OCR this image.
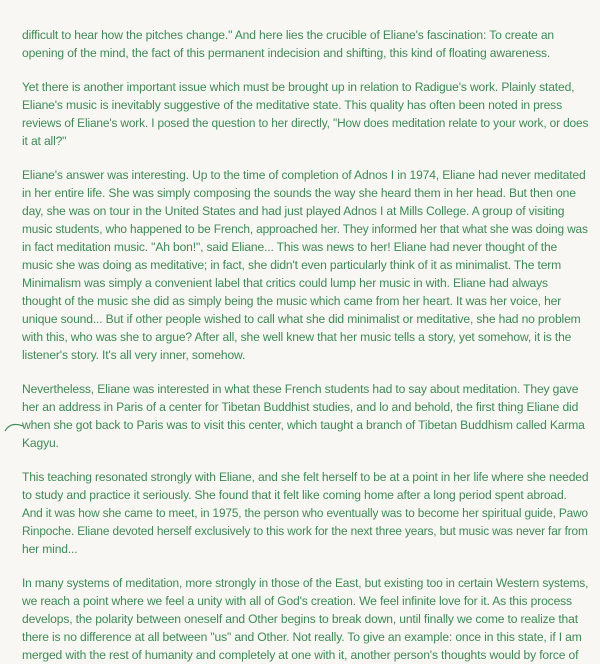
difficult to hear how the pitches change." And here lies the crucible of Eliane's fascination: To create an
opening of the mind, the fact of this permanent indecision and shifting, this kind of floating awareness.
Yet there is another important issue which must be brought up in relation to Radigue's work. Plainly stated,
Eliane's music is inevitably suggestive of the meditative state. This quality has often been noted in press
reviews of Eliane's work. I posed the question to her directly, "How does meditation relate to your work, or does
it at all?"
Eliane's answer was interesting. Up to the time of completion of Adnos I in 1974, Eliane had never meditated
in her entire life. She was simply composing the sounds the way she heard them in her head. But then one
day, she was on tour in the United States and had just played Adnos I at Mills College. A group of visiting
music students, who happened to be French, approached her. They informed her that what she was doing was
in fact meditation music. "Ah bon!", said Eliane... This was news to her! Eliane had never thought of the
music she was doing as meditative; in fact, she didn't even particularly think of it as minimalist. The term
Minimalism was simply a convenient label that critics could lump her music in with. Eliane had always
thought of the music she did as simply being the music which came from her heart. It was her voice, her
unique sound... But if other people wished to call what she did minimalist or meditative, she had no problem
with this, who was she to argue? After all, she well knew that her music tells a story, yet somehow, it is the
listener's story. It's all very inner, somehow.
Nevertheless, Eliane was interested in what these French students had to say about meditation. They gave
her an address in Paris of a center for Tibetan Buddhist studies, and lo and behold, the first thing Eliane did
when she got back to Paris was to visit this center, which taught a branch of Tibetan Buddhism called Karma
Kagyu.
This teaching resonated strongly with Eliane, and she felt herself to be at a point in her life where she needed
to study and practice it seriously. She found that it felt like coming home after a long period spent abroad.
And it was how she came to meet, in 1975, the person who eventually was to become her spiritual guide, Pawo
Rinpoche. Eliane devoted herself exclusively to this work for the next three years, but music was never far from
her mind...
In many systems of meditation, more strongly in those of the East, but existing too in certain Western systems,
we reach a point where we feel a unity with all of God's creation. We feel infinite love for it. As this process
develops, the polarity between oneself and Other begins to break down, until finally we come to realize that
there is no difference at all between "us" and Other. Not really. To give an example: once in this state, if I am
merged with the rest of humanity and completely at one with it, another person's thoughts would by force of
